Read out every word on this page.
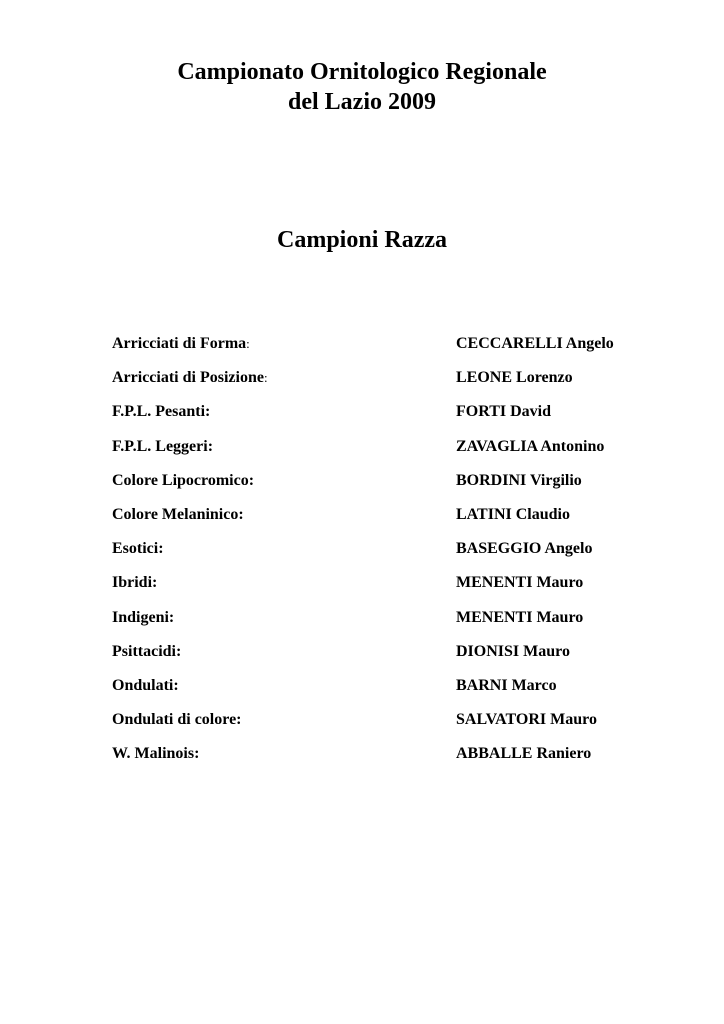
Campionato Ornitologico Regionale
del Lazio 2009
Campioni Razza
Arricciati di Forma:	CECCARELLI Angelo
Arricciati di Posizione:	LEONE Lorenzo
F.P.L. Pesanti:	FORTI David
F.P.L. Leggeri:	ZAVAGLIA Antonino
Colore Lipocromico:	BORDINI Virgilio
Colore Melaninico:	LATINI Claudio
Esotici:	BASEGGIO Angelo
Ibridi:	MENENTI Mauro
Indigeni:	MENENTI Mauro
Psittacidi:	DIONISI Mauro
Ondulati:	BARNI Marco
Ondulati di colore:	SALVATORI Mauro
W. Malinois:	ABBALLE Raniero
